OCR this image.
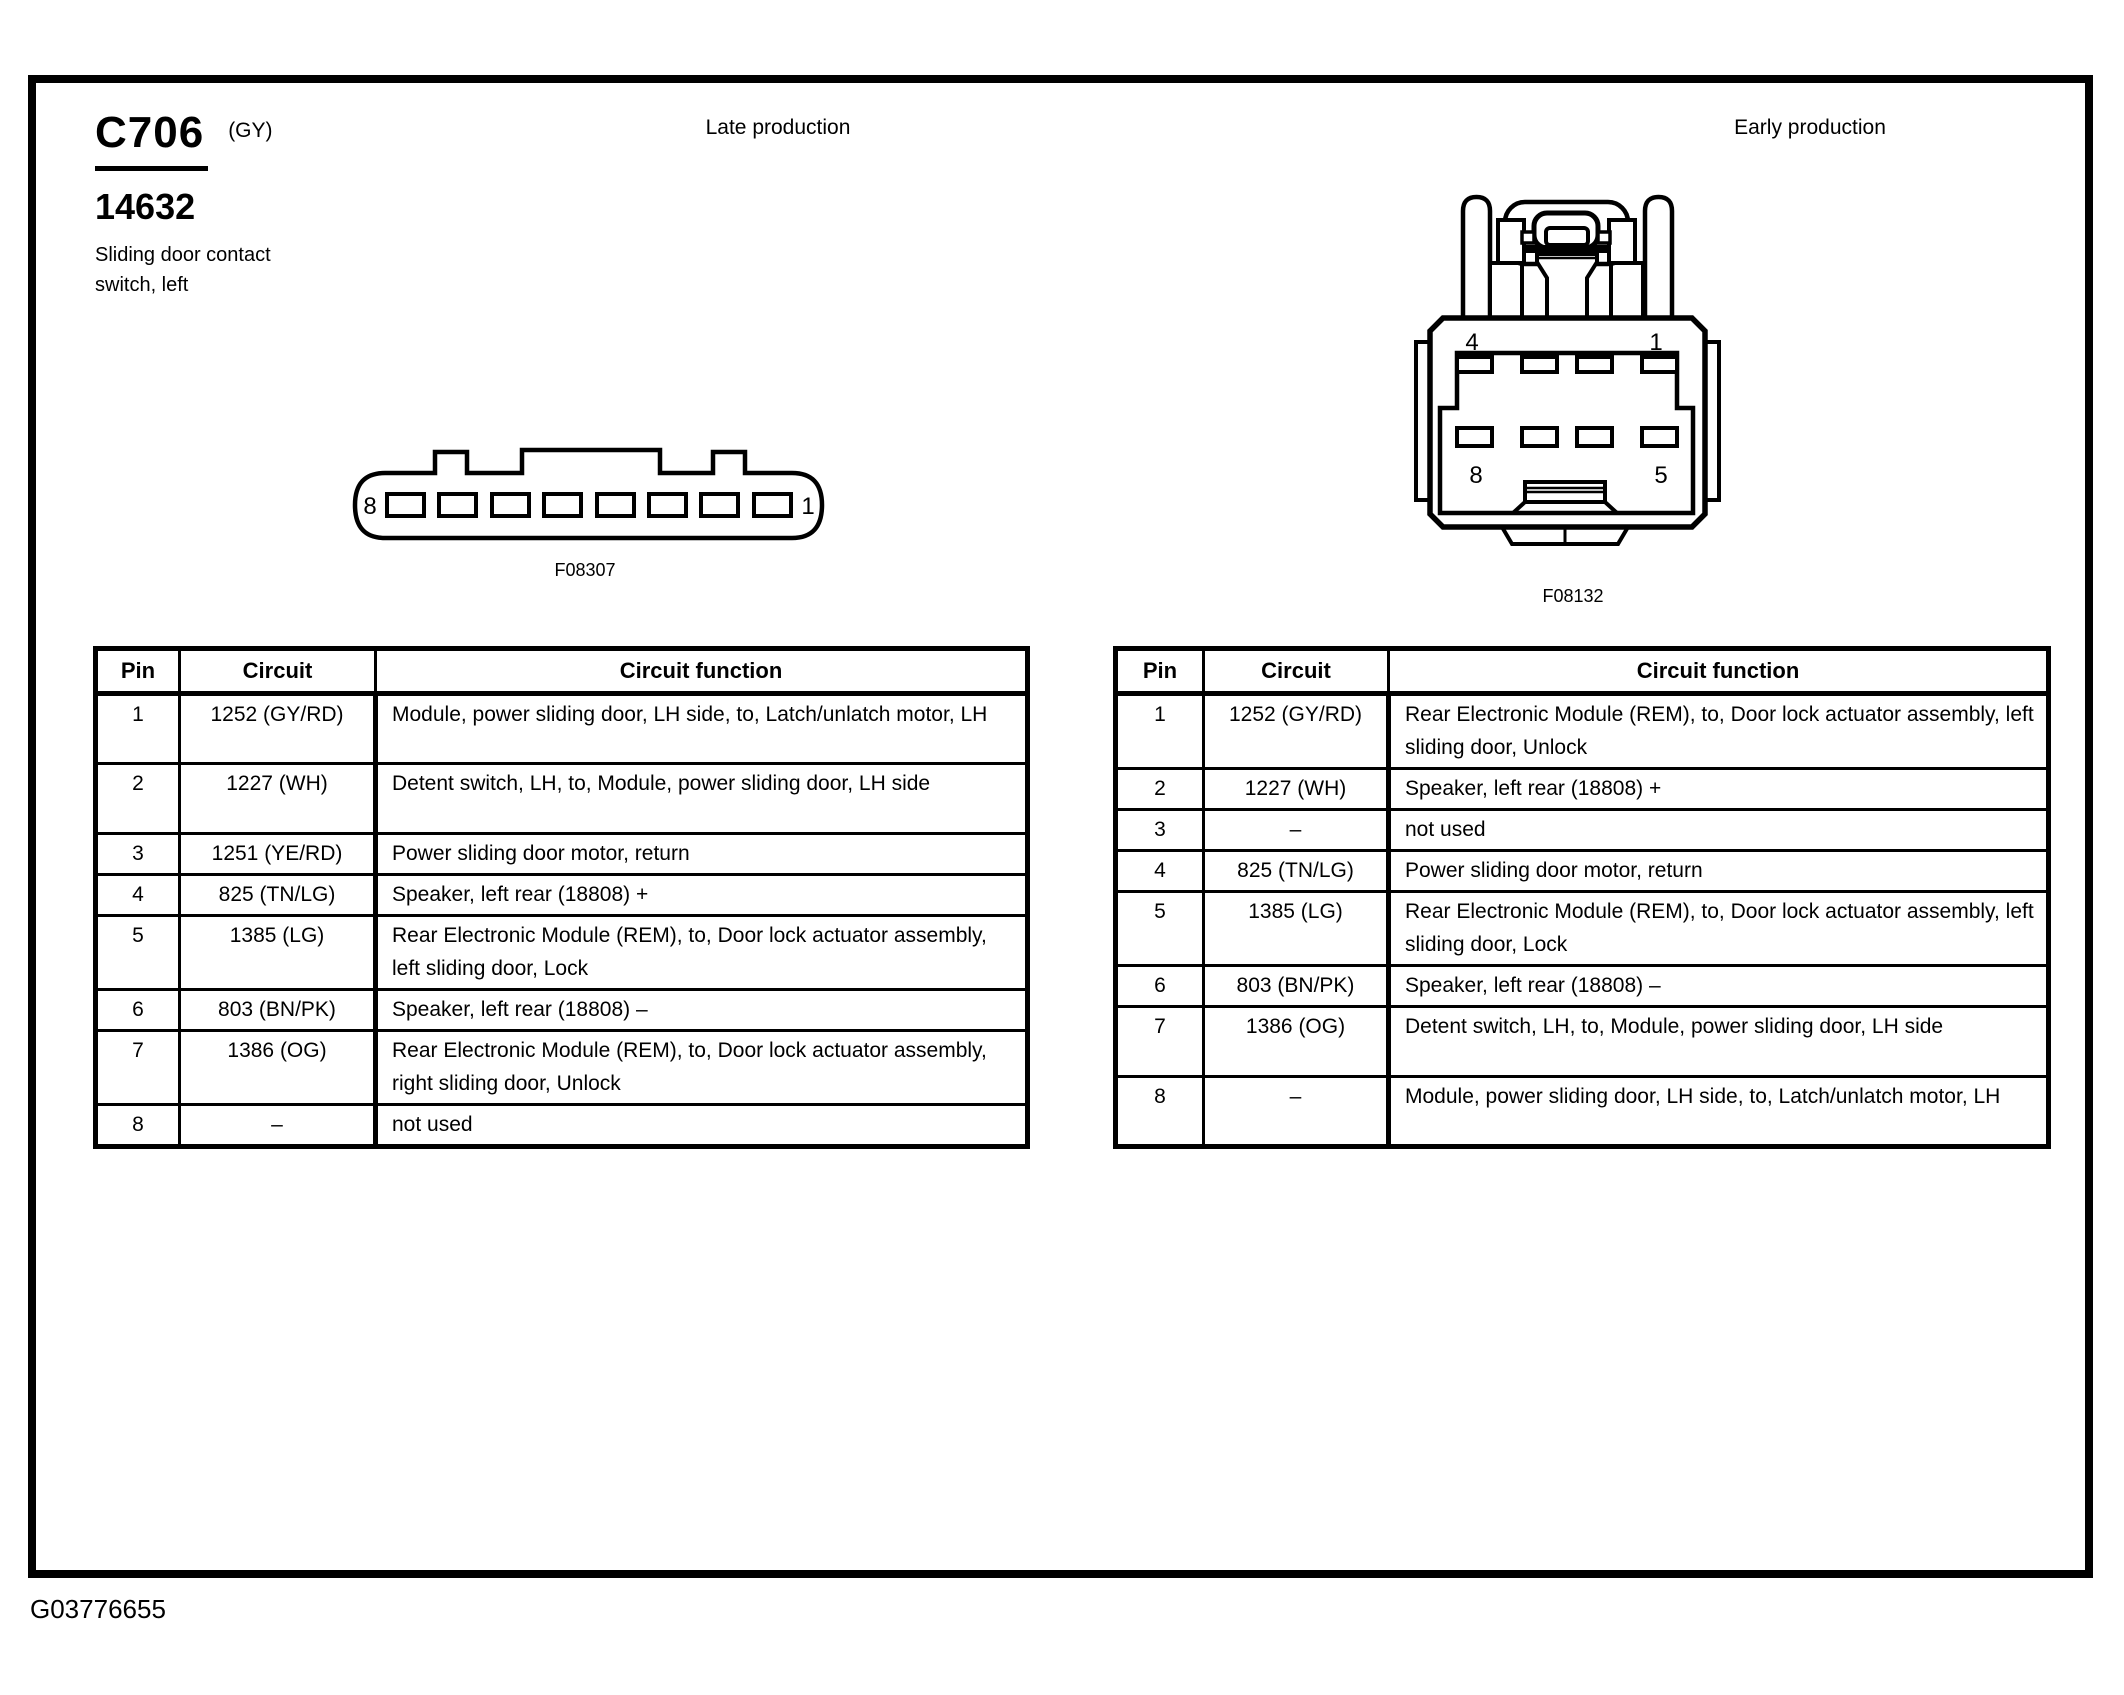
C706 $^{(GY)}$
14632
Sliding door contact switch, left
Late production	Early production
8	1
F08307
4	1
8	5
F08132
Pin	Circuit	Circuit function
1	1252 (GY/RD)	Module, power sliding door, LH side, to, Latch/unlatch motor, LH
2	1227 (WH)	Detent switch, LH, to, Module, power sliding door, LH side
3	1251 (YE/RD)	Power sliding door motor, return
4	825 (TN/LG)	Speaker, left rear (18808) +
5	1385 (LG)	Rear Electronic Module (REM), to, Door lock actuator assembly, left sliding door, Lock
6	803 (BN/PK)	Speaker, left rear (18808) –
7	1386 (OG)	Rear Electronic Module (REM), to, Door lock actuator assembly, right sliding door, Unlock
8	–	not used
Pin	Circuit	Circuit function
1	1252 (GY/RD)	Rear Electronic Module (REM), to, Door lock actuator assembly, left sliding door, Unlock
2	1227 (WH)	Speaker, left rear (18808) +
3	–	not used
4	825 (TN/LG)	Power sliding door motor, return
5	1385 (LG)	Rear Electronic Module (REM), to, Door lock actuator assembly, left sliding door, Lock
6	803 (BN/PK)	Speaker, left rear (18808) –
7	1386 (OG)	Detent switch, LH, to, Module, power sliding door, LH side
8	–	Module, power sliding door, LH side, to, Latch/unlatch motor, LH
G03776655
